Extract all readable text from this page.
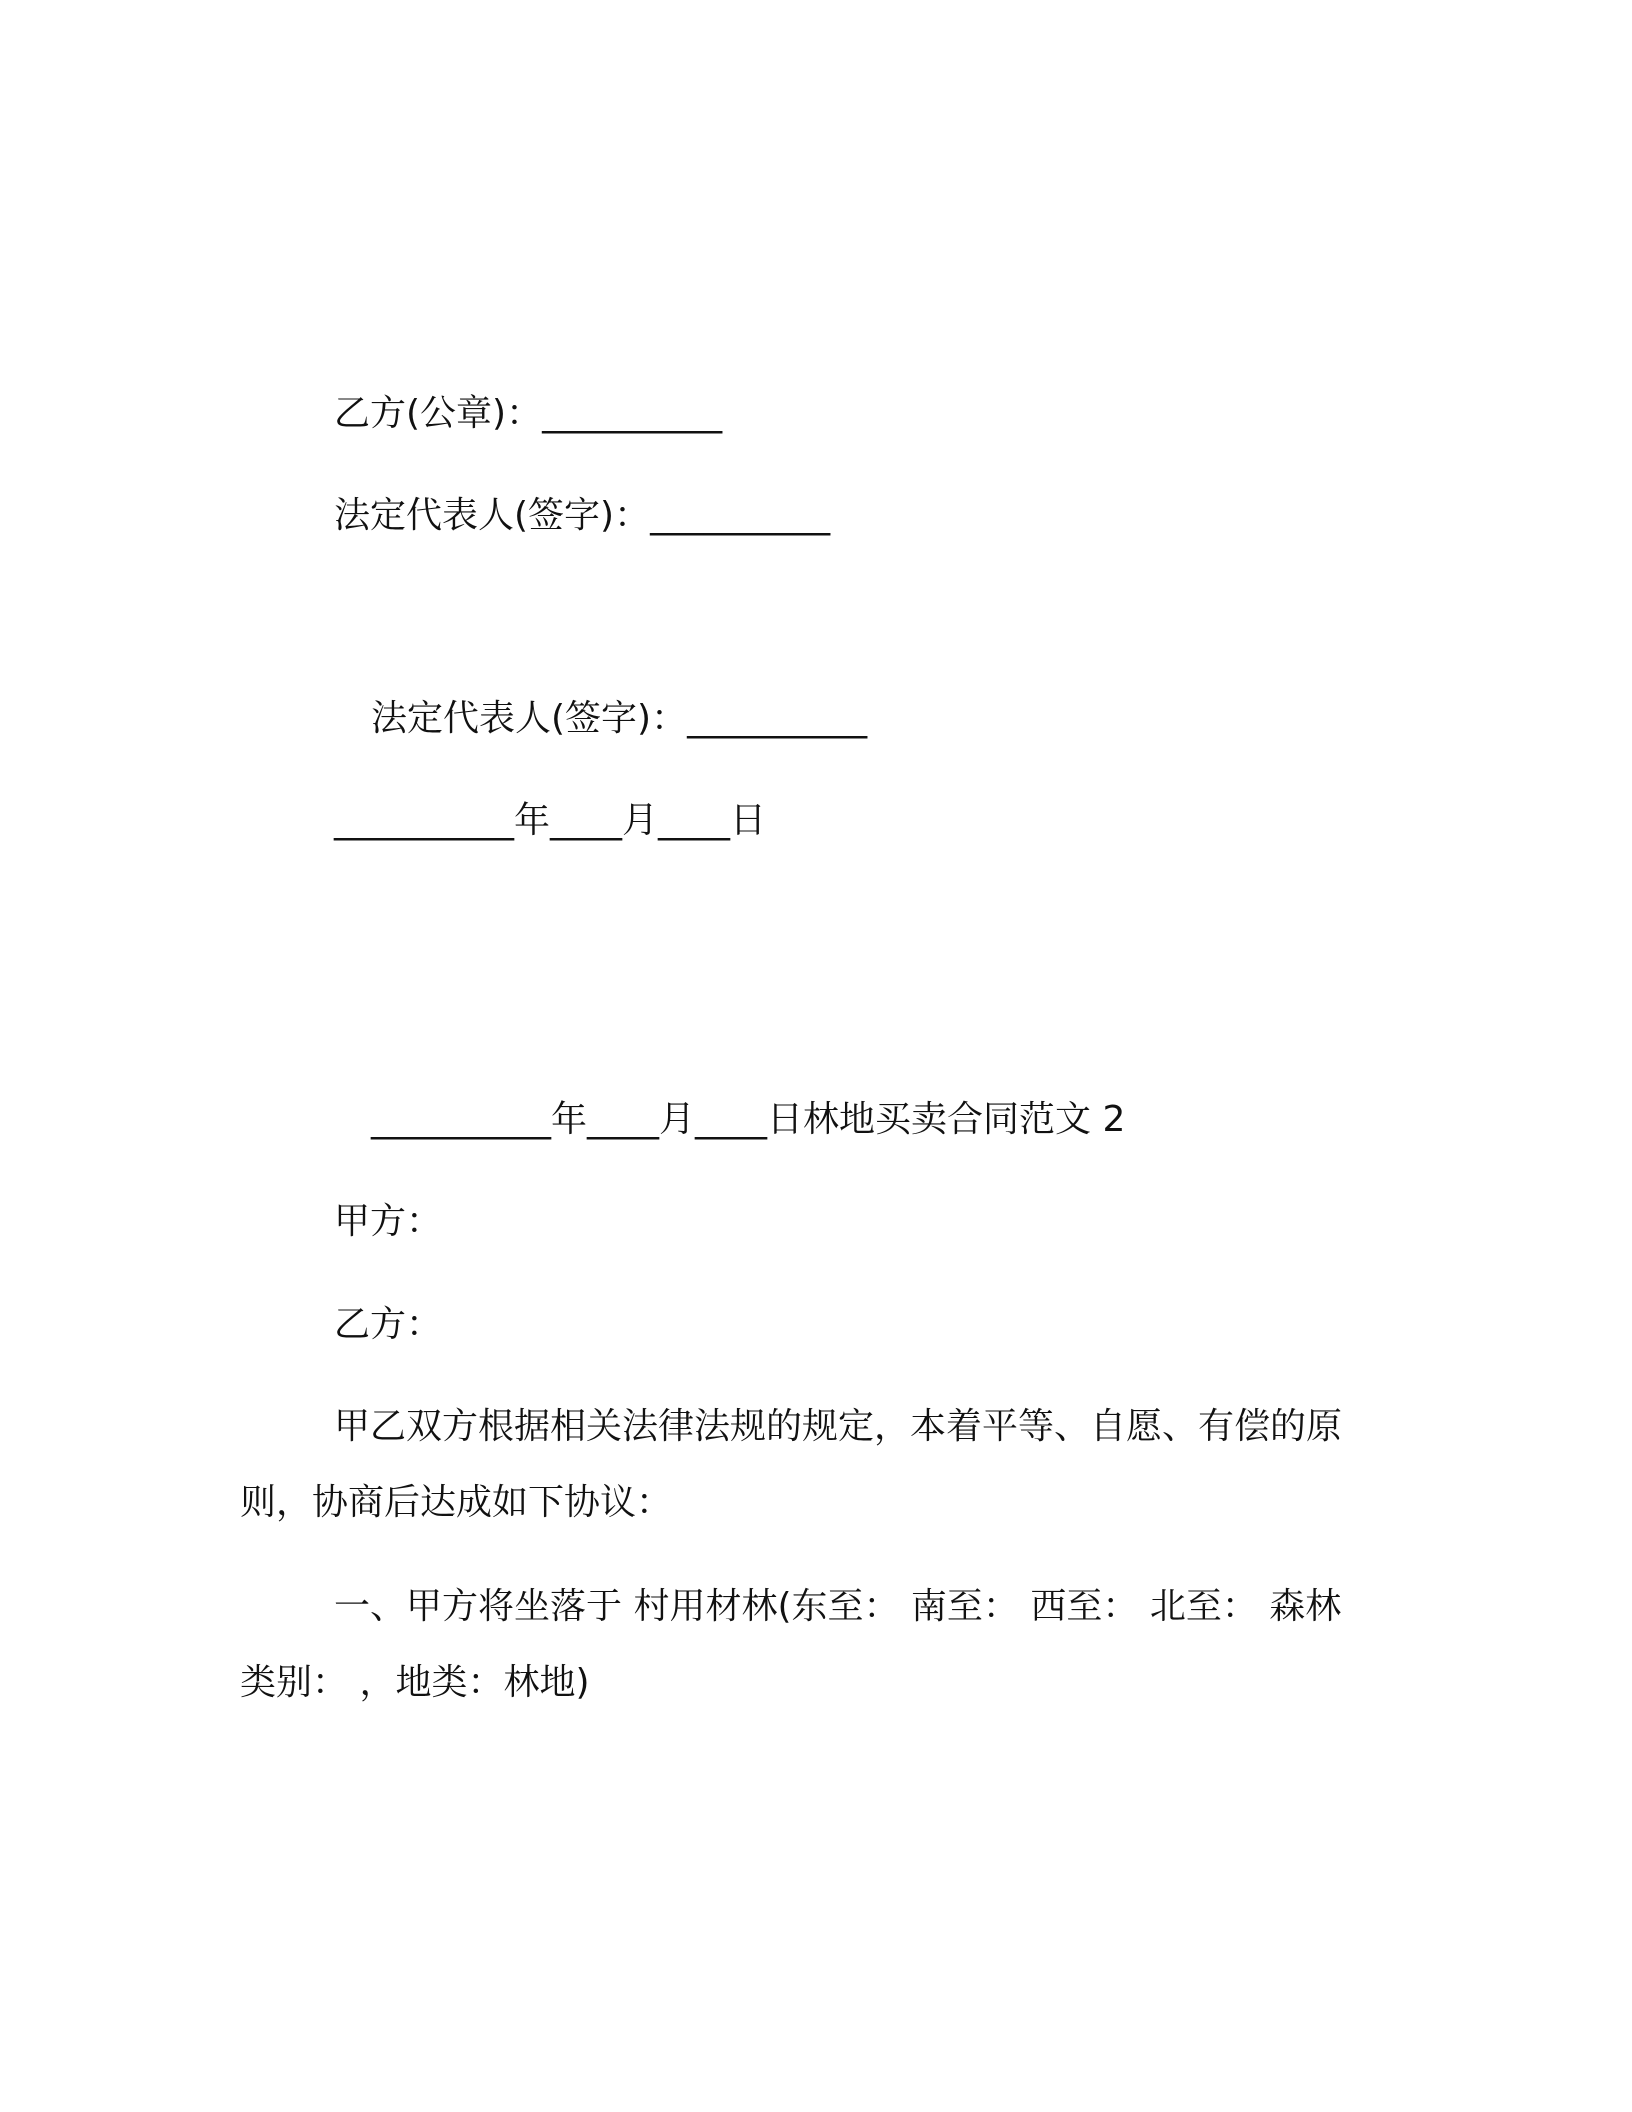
乙方(公章)：__________
法定代表人(签字)：__________
法定代表人(签字)：__________
__________年____月____日
__________年____月____日林地买卖合同范文 2
甲方：
乙方：
甲乙双方根据相关法律法规的规定，本着平等、自愿、有偿的原
则，协商后达成如下协议：
一、甲方将坐落于 村用材林(东至： 南至： 西至： 北至： 森林
类别： ，地类：林地)
